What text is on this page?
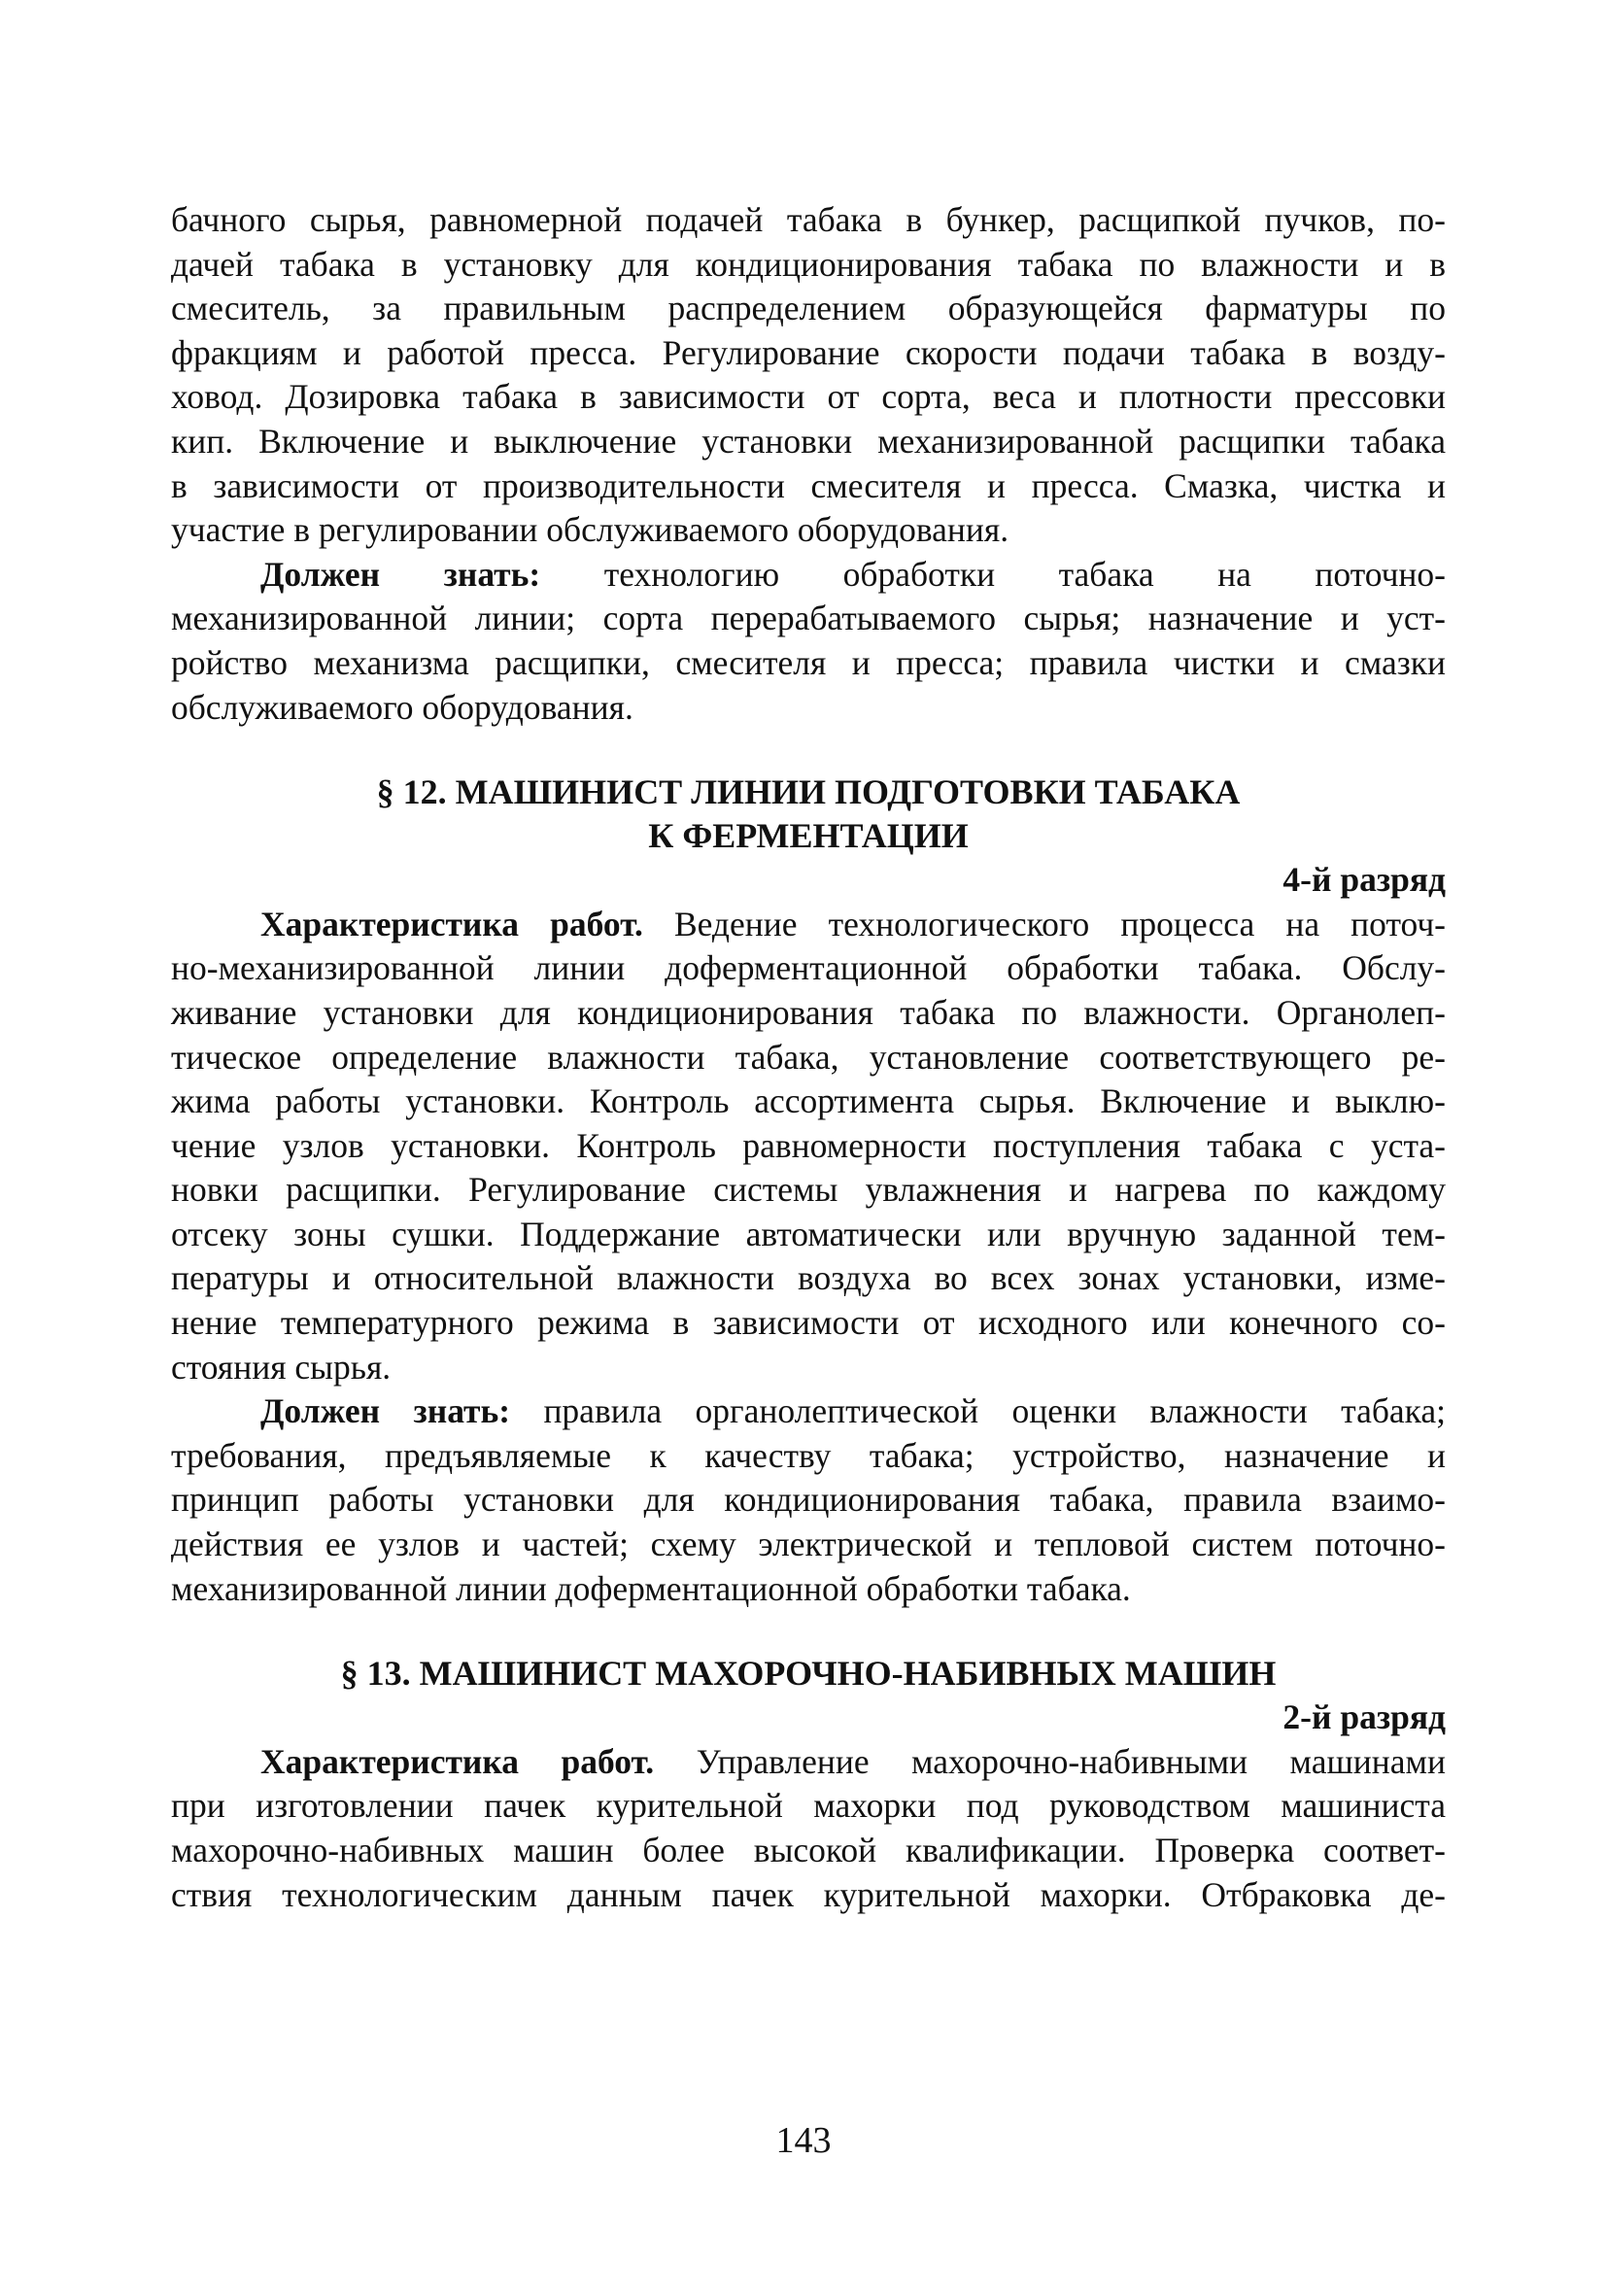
бачного сырья, равномерной подачей табака в бункер, расщипкой пучков, по-

дачей табака в установку для кондиционирования табака по влажности и в

смеситель, за правильным распределением образующейся фарматуры по

фракциям и работой пресса. Регулирование скорости подачи табака в возду-

ховод. Дозировка табака в зависимости от сорта, веса и плотности прессовки

кип. Включение и выключение установки механизированной расщипки табака

в зависимости от производительности смесителя и пресса. Смазка, чистка и

участие в регулировании обслуживаемого оборудования.

Должен знать: технологию обработки табака на поточно-

механизированной линии; сорта перерабатываемого сырья; назначение и уст-

ройство механизма расщипки, смесителя и пресса; правила чистки и смазки

обслуживаемого оборудования.

§ 12. МАШИНИСТ ЛИНИИ ПОДГОТОВКИ ТАБАКА
К ФЕРМЕНТАЦИИ
4-й разряд

Характеристика работ. Ведение технологического процесса на поточ-

но-механизированной линии доферментационной обработки табака. Обслу-

живание установки для кондиционирования табака по влажности. Органолеп-

тическое определение влажности табака, установление соответствующего ре-

жима работы установки. Контроль ассортимента сырья. Включение и выклю-

чение узлов установки. Контроль равномерности поступления табака с уста-

новки расщипки. Регулирование системы увлажнения и нагрева по каждому

отсеку зоны сушки. Поддержание автоматически или вручную заданной тем-

пературы и относительной влажности воздуха во всех зонах установки, изме-

нение температурного режима в зависимости от исходного или конечного со-

стояния сырья.

Должен знать: правила органолептической оценки влажности табака;

требования, предъявляемые к качеству табака; устройство, назначение и

принцип работы установки для кондиционирования табака, правила взаимо-

действия ее узлов и частей; схему электрической и тепловой систем поточно-

механизированной линии доферментационной обработки табака.

§ 13. МАШИНИСТ МАХОРОЧНО-НАБИВНЫХ МАШИН
2-й разряд

Характеристика работ. Управление махорочно-набивными машинами

при изготовлении пачек курительной махорки под руководством машиниста

махорочно-набивных машин более высокой квалификации. Проверка соответ-

ствия технологическим данным пачек курительной махорки. Отбраковка де-

143
